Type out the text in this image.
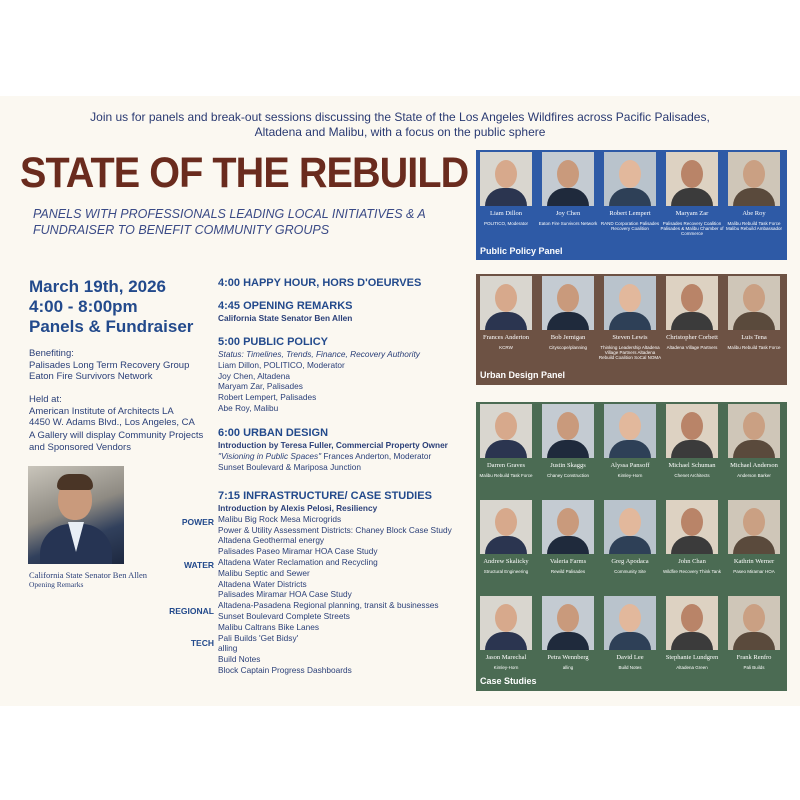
Join us for panels and break-out sessions discussing the State of the Los Angeles Wildfires across Pacific Palisades, Altadena and Malibu, with a focus on the public sphere
STATE OF THE REBUILD
PANELS WITH PROFESSIONALS LEADING LOCAL INITIATIVES & A FUNDRAISER TO BENEFIT COMMUNITY GROUPS
March 19th, 2026
4:00 - 8:00pm
Panels & Fundraiser
Benefiting:
Palisades Long Term Recovery Group
Eaton Fire Survivors Network
Held at:
American Institute of Architects LA
4450 W. Adams Blvd., Los Angeles, CA
A Gallery will display Community Projects
and Sponsored Vendors
California State Senator Ben Allen
Opening Remarks
4:00 HAPPY HOUR, HORS D'OEURVES
4:45 OPENING REMARKS
California State Senator Ben Allen
5:00 PUBLIC POLICY
Status: Timelines, Trends, Finance, Recovery Authority
Liam Dillon, POLITICO, Moderator
Joy Chen, Altadena
Maryam Zar, Palisades
Robert Lempert, Palisades
Abe Roy, Malibu
6:00 URBAN DESIGN
Introduction by Teresa Fuller, Commercial Property Owner
"Visioning in Public Spaces" Frances Anderton, Moderator
Sunset Boulevard & Mariposa Junction
7:15 INFRASTRUCTURE/ CASE STUDIES
Introduction by Alexis Pelosi, Resiliency
Malibu Big Rock Mesa Microgrids
Power & Utility Assessment Districts: Chaney Block Case Study
Altadena Geothermal energy
Palisades Paseo Miramar HOA Case Study
Altadena Water Reclamation and Recycling
Malibu Septic and Sewer
Altadena Water Districts
Palisades Miramar HOA Case Study
Altadena-Pasadena Regional planning, transit & businesses
Sunset Boulevard Complete Streets
Malibu Caltrans Bike Lanes
Pali Builds 'Get Bidsy'
alling
Build Notes
Block Captain Progress Dashboards
POWER
WATER
REGIONAL
TECH
Liam Dillon
POLITICO, Moderator
Joy Chen
Eaton Fire Survivors Network
Robert Lempert
RAND Corporation Palisades Recovery Coalition
Maryam Zar
Palisades Recovery Coalition Palisades & Malibu Chamber of Commerce
Abe Roy
Malibu Rebuild Task Force Malibu Rebuild Ambassador
Public Policy Panel
Frances Anderton
KCRW
Bob Jernigan
Cityscope/planning
Steven Lewis
Thinking Leadership Altadena Village Partners Altadena Rebuild Coalition SoCal NOMA
Christopher Corbett
Altadena Village Partners
Luis Tena
Malibu Rebuild Task Force
Urban Design Panel
Darren Graves
Malibu Rebuild Task Force
Justin Skaggs
Chaney Construction
Alyssa Pansoff
Kimley-Horn
Michael Schuman
Chenet Architects
Michael Anderson
Anderson Barker
Andrew Skalicky
Structural Engineering
Valeria Farms
Rewild Palisades
Greg Apodaca
Community Site
John Chan
Wildfire Recovery Think Tank
Kathrin Werner
Paseo Miramar HOA
Jason Marechal
Kimley-Horn
Petra Wennberg
alling
David Lee
Build Notes
Stephanie Lundgren
Altadena Green
Frank Renfro
Pali Builds
Case Studies
